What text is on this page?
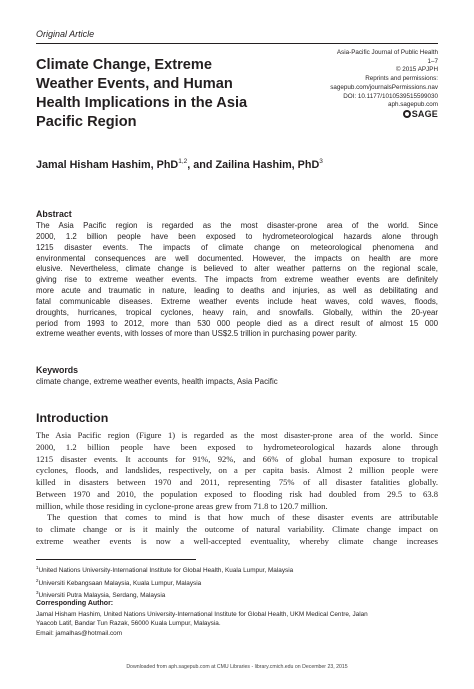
Original Article
Climate Change, Extreme
Weather Events, and Human
Health Implications in the Asia
Pacific Region
Asia-Pacific Journal of Public Health
1–7
© 2015 APJPH
Reprints and permissions:
sagepub.com/journalsPermissions.nav
DOI: 10.1177/1010539515599030
aph.sagepub.com
SAGE
Jamal Hisham Hashim, PhD$^{1,2}$, and Zailina Hashim, PhD$^3$
Abstract
The Asia Pacific region is regarded as the most disaster-prone area of the world. Since
2000, 1.2 billion people have been exposed to hydrometeorological hazards alone through
1215 disaster events. The impacts of climate change on meteorological phenomena and
environmental consequences are well documented. However, the impacts on health are more
elusive. Nevertheless, climate change is believed to alter weather patterns on the regional scale,
giving rise to extreme weather events. The impacts from extreme weather events are definitely
more acute and traumatic in nature, leading to deaths and injuries, as well as debilitating and
fatal communicable diseases. Extreme weather events include heat waves, cold waves, floods,
droughts, hurricanes, tropical cyclones, heavy rain, and snowfalls. Globally, within the 20-year
period from 1993 to 2012, more than 530 000 people died as a direct result of almost 15 000
extreme weather events, with losses of more than US$2.5 trillion in purchasing power parity.
Keywords
climate change, extreme weather events, health impacts, Asia Pacific
Introduction
The Asia Pacific region (Figure 1) is regarded as the most disaster-prone area of the world. Since
2000, 1.2 billion people have been exposed to hydrometeorological hazards alone through
1215 disaster events. It accounts for 91%, 92%, and 66% of global human exposure to tropical
cyclones, floods, and landslides, respectively, on a per capita basis. Almost 2 million people were
killed in disasters between 1970 and 2011, representing 75% of all disaster fatalities globally.
Between 1970 and 2010, the population exposed to flooding risk had doubled from 29.5 to 63.8
million, while those residing in cyclone-prone areas grew from 71.8 to 120.7 million.
The question that comes to mind is that how much of these disaster events are attributable
to climate change or is it mainly the outcome of natural variability. Climate change impact on
extreme weather events is now a well-accepted eventuality, whereby climate change increases
$^1$United Nations University-International Institute for Global Health, Kuala Lumpur, Malaysia
$^2$Universiti Kebangsaan Malaysia, Kuala Lumpur, Malaysia
$^3$Universiti Putra Malaysia, Serdang, Malaysia
Corresponding Author:
Jamal Hisham Hashim, United Nations University-International Institute for Global Health, UKM Medical Centre, Jalan
Yaacob Latif, Bandar Tun Razak, 56000 Kuala Lumpur, Malaysia.
Email: jamalhas@hotmail.com
Downloaded from aph.sagepub.com at CMU Libraries - library.cmich.edu on December 23, 2015
